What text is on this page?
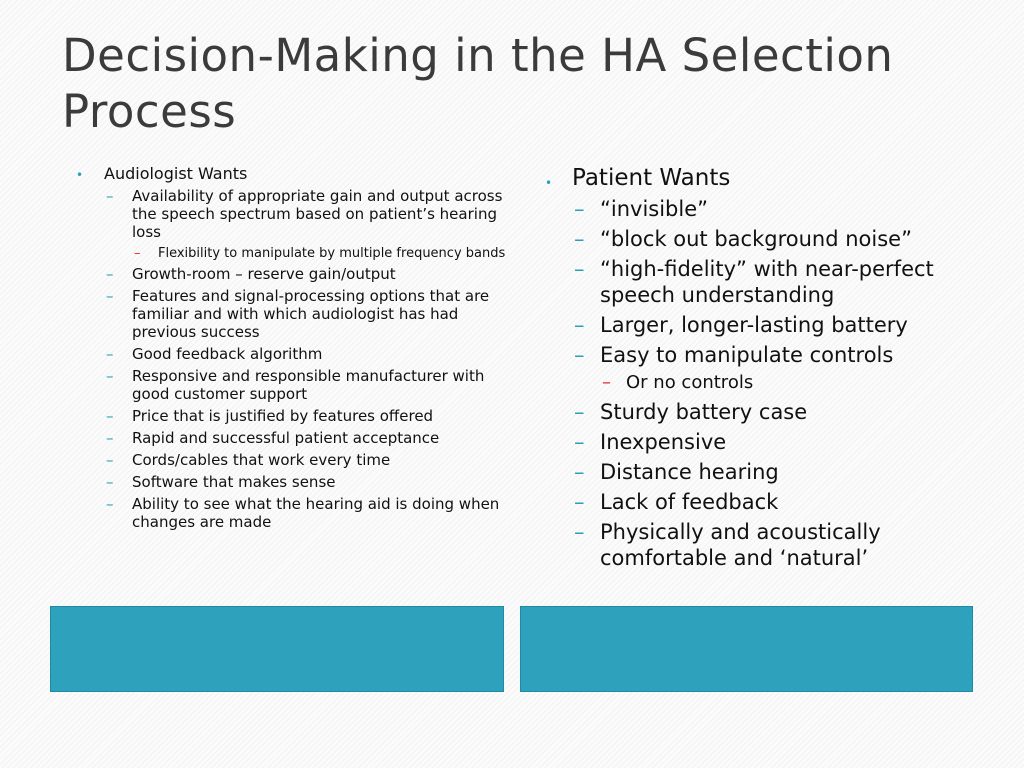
Decision-Making in the HA Selection Process
• Audiologist Wants
– Availability of appropriate gain and output across the speech spectrum based on patient’s hearing loss
– Flexibility to manipulate by multiple frequency bands
– Growth-room – reserve gain/output
– Features and signal-processing options that are familiar and with which audiologist has had previous success
– Good feedback algorithm
– Responsive and responsible manufacturer with good customer support
– Price that is justified by features offered
– Rapid and successful patient acceptance
– Cords/cables that work every time
– Software that makes sense
– Ability to see what the hearing aid is doing when changes are made
• Patient Wants
– “invisible”
– “block out background noise”
– “high-fidelity” with near-perfect speech understanding
– Larger, longer-lasting battery
– Easy to manipulate controls
– Or no controls
– Sturdy battery case
– Inexpensive
– Distance hearing
– Lack of feedback
– Physically and acoustically comfortable and ‘natural’
